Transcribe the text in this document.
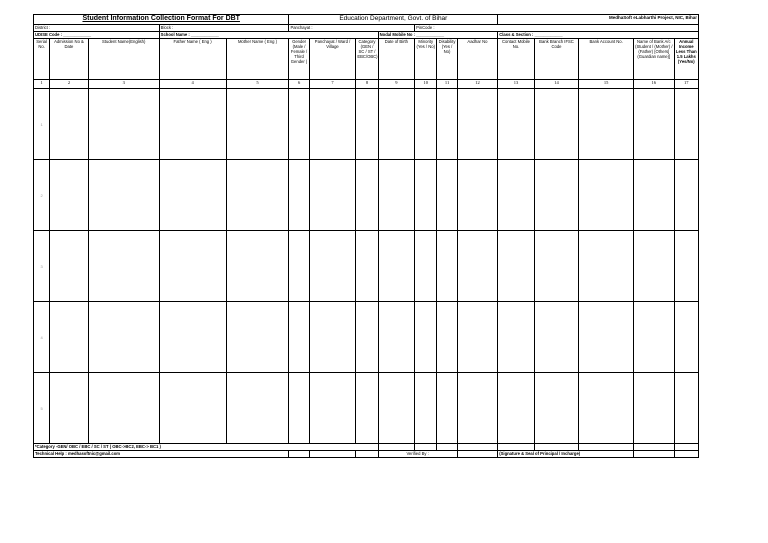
Student Information Collection Format For DBT					Education Department, Govt. of Bihar							MedhaSoft eLabharthi Project, NIC, Bihar				
District :			Block :		Panchayat :				PinCode :							
UDISE Code : ____________			School Name : ____________					Nodal Mobile No : ____________				Class & Section : ____________				
Serial No.	Admission No & Date	Student Name(English)	Father Name ( Eng )	Mother Name ( Eng )	Gender (Male / Female / Third Gender )	Panchayat / Ward / Village	Category (GEN / SC / ST / EBC/OBC)	Date of Birth	Minority (Yes / No)	Disability (Yes / No)	Aadhar No	Contact Mobile No.	Bank Branch IFSC Code	Bank Account No.	Name of Bank A/c (Student / (Mother) / (Father) [Others](Guardian name)]	Annual Income Less Than 1.5 Lakhs (Yes/No)
1	2	3	4	5	6	7	8	9	10	11	12	13	14	15	16	17

1																

2																

3																

4																

5																

*Category -GEN/ OBC / EBC / SC / ST ( OBC->BC2, EBC-> BC1 )																
Technical Help : medhasoftnic@gmail.com								Verified By :				(Signature & Seal of Principal / Incharge)				
